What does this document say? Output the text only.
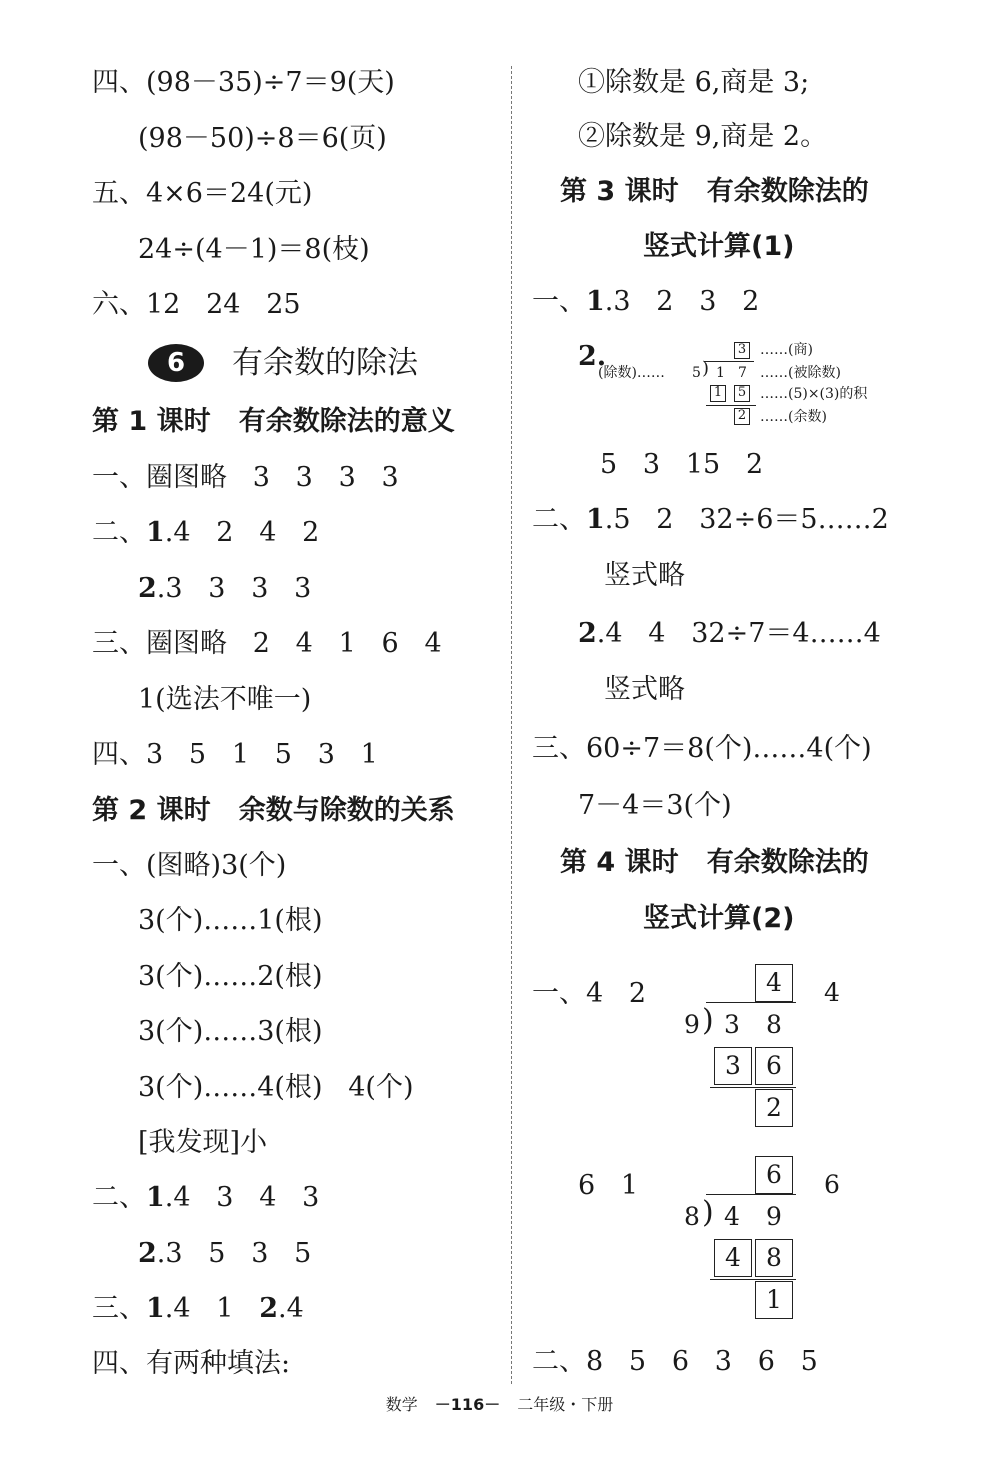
四、(98－35)÷7＝9(天)
(98－50)÷8＝6(页)
五、4×6＝24(元)
24÷(4－1)＝8(枝)
六、12   24   25
6	有余数的除法
第 1 课时   有余数除法的意义
一、圈图略   3   3   3   3
二、1.4   2   4   2
2.3   3   3   3
三、圈图略   2   4   1   6   4
1(选法不唯一)
四、3   5   1   5   3   1
第 2 课时   余数与除数的关系
一、(图略)3(个)
3(个)……1(根)
3(个)……2(根)
3(个)……3(根)
3(个)……4(根)   4(个)
[我发现]小
二、1.4   3   4   3
2.3   5   3   5
三、1.4   1   2.4
四、有两种填法:
①除数是 6,商是 3;
②除数是 9,商是 2。
第 3 课时   有余数除法的
竖式计算(1)
一、1.3   2   3   2
2.	3 ……(商)
(除数)…… 5 ) 1 7 ……(被除数)
1 5 ……(5)×(3)的积
2 ……(余数)
5   3   15   2
二、1.5   2   32÷6＝5……2
竖式略
2.4   4   32÷7＝4……4
竖式略
三、60÷7＝8(个)……4(个)
7－4＝3(个)
第 4 课时   有余数除法的
竖式计算(2)
一、4   2	4	4
9 ) 3 8
3	6
2
6   1	6	6
8 ) 4 9
4	8
1
二、8   5   6   3   6   5
数学 －116－ 二年级・下册
